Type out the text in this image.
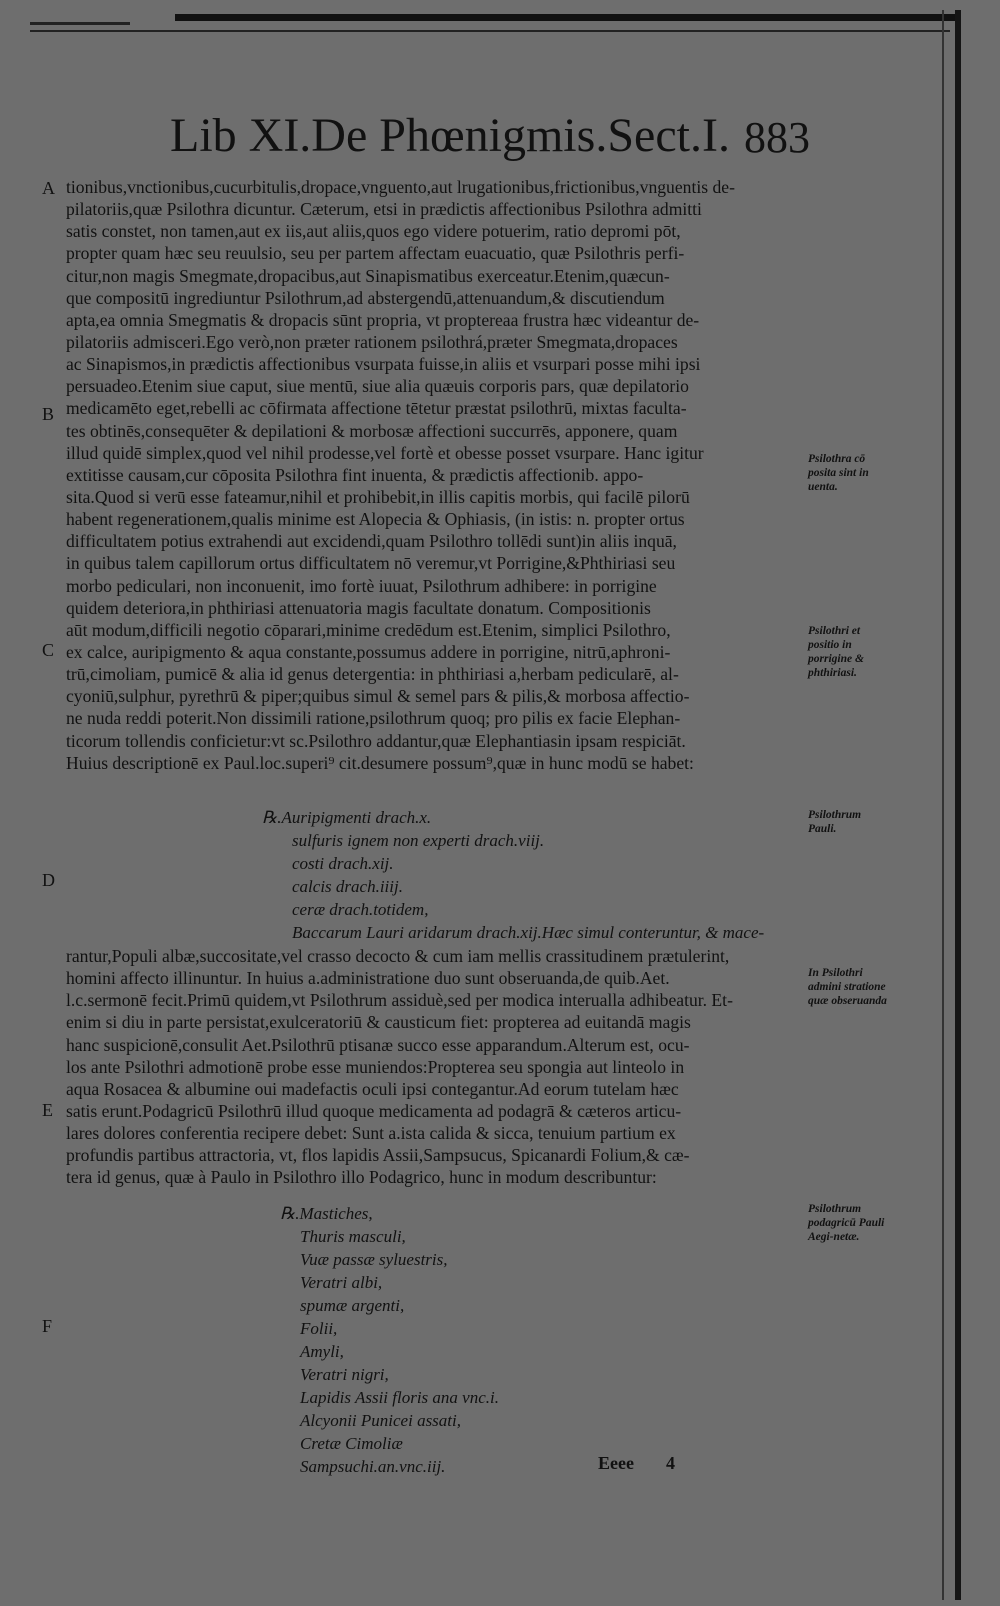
Lib XI.De Phœnigmis.Sect.I. 883
A
B
C
D
E
F
tionibus,vnctionibus,cucurbitulis,dropace,vnguento,aut lrugationibus,frictionibus,vnguentis de-
pilatoriis,quæ Psilothra dicuntur. Cæterum, etsi in prædictis affectionibus Psilothra admitti
satis constet, non tamen,aut ex iis,aut aliis,quos ego videre potuerim, ratio depromi pōt,
propter quam hæc seu reuulsio, seu per partem affectam euacuatio, quæ Psilothris perfi-
citur,non magis Smegmate,dropacibus,aut Sinapismatibus exerceatur.Etenim,quæcun-
que compositū ingrediuntur Psilothrum,ad abstergendū,attenuandum,& discutiendum
apta,ea omnia Smegmatis & dropacis sūnt propria, vt proptereaa frustra hæc videantur de-
pilatoriis admisceri.Ego verò,non præter rationem psilothrá,præter Smegmata,dropaces
ac Sinapismos,in prædictis affectionibus vsurpata fuisse,in aliis et vsurpari posse mihi ipsi
persuadeo.Etenim siue caput, siue mentū, siue alia quæuis corporis pars, quæ depilatorio
medicamēto eget,rebelli ac cōfirmata affectione tētetur præstat psilothrū, mixtas faculta-
tes obtinēs,consequēter & depilationi & morbosæ affectioni succurrēs, apponere, quam
illud quidē simplex,quod vel nihil prodesse,vel fortè et obesse posset vsurpare. Hanc igitur
extitisse causam,cur cōposita Psilothra fint inuenta, & prædictis affectionib. appo-
sita.Quod si verū esse fateamur,nihil et prohibebit,in illis capitis morbis, qui facilē pilorū
habent regenerationem,qualis minime est Alopecia & Ophiasis, (in istis: n. propter ortus
difficultatem potius extrahendi aut excidendi,quam Psilothro tollēdi sunt)in aliis inquā,
in quibus talem capillorum ortus difficultatem nō veremur,vt Porrigine,&Phthiriasi seu
morbo pediculari, non inconuenit, imo fortè iuuat, Psilothrum adhibere: in porrigine
quidem deteriora,in phthiriasi attenuatoria magis facultate donatum. Compositionis
aūt modum,difficili negotio cōparari,minime credēdum est.Etenim, simplici Psilothro,
ex calce, auripigmento & aqua constante,possumus addere in porrigine, nitrū,aphroni-
trū,cimoliam, pumicē & alia id genus detergentia: in phthiriasi a,herbam pedicularē, al-
cyoniū,sulphur, pyrethrū & piper;quibus simul & semel pars & pilis,& morbosa affectio-
ne nuda reddi poterit.Non dissimili ratione,psilothrum quoq; pro pilis ex facie Elephan-
ticorum tollendis conficietur:vt sc.Psilothro addantur,quæ Elephantiasin ipsam respiciāt.
Huius descriptionē ex Paul.loc.superi⁹ cit.desumere possum⁹,quæ in hunc modū se habet:
℞.Auripigmenti drach.x.
sulfuris ignem non experti drach.viij.
costi drach.xij.
calcis drach.iiij.
ceræ drach.totidem,
Baccarum Lauri aridarum drach.xij.Hæc simul conteruntur, & mace-
rantur,Populi albæ,succositate,vel crasso decocto & cum iam mellis crassitudinem prætulerint,
homini affecto illinuntur. In huius a.administratione duo sunt obseruanda,de quib.Aet.
l.c.sermonē fecit.Primū quidem,vt Psilothrum assiduè,sed per modica interualla adhibeatur. Et-
enim si diu in parte persistat,exulceratoriū & causticum fiet: propterea ad euitandā magis
hanc suspicionē,consulit Aet.Psilothrū ptisanæ succo esse apparandum.Alterum est, ocu-
los ante Psilothri admotionē probe esse muniendos:Propterea seu spongia aut linteolo in
aqua Rosacea & albumine oui madefactis oculi ipsi contegantur.Ad eorum tutelam hæc
satis erunt.Podagricū Psilothrū illud quoque medicamenta ad podagrā & cæteros articu-
lares dolores conferentia recipere debet: Sunt a.ista calida & sicca, tenuium partium ex
profundis partibus attractoria, vt, flos lapidis Assii,Sampsucus, Spicanardi Folium,& cæ-
tera id genus, quæ à Paulo in Psilothro illo Podagrico, hunc in modum describuntur:
℞.Mastiches,
Thuris masculi,
Vuæ passæ syluestris,
Veratri albi,
spumæ argenti,
Folii,
Amyli,
Veratri nigri,
Lapidis Assii floris ana vnc.i.
Alcyonii Punicei assati,
Cretæ Cimoliæ
Sampsuchi.an.vnc.iij.
Psilothra cō posita sint in uenta.
Psilothri et positio in porrigine & phthiriasi.
Psilothrum Pauli.
In Psilothri admini stratione quæ obseruanda
Psilothrum podagricū Pauli Aegi-netæ.
Eeee 4
